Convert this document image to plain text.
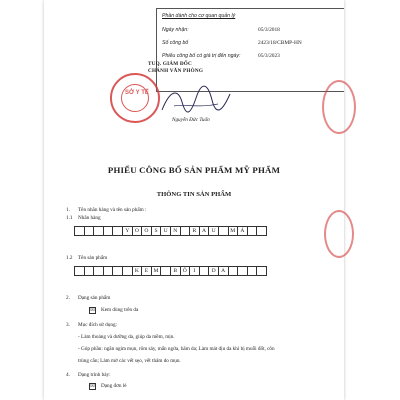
Phần dành cho cơ quan quản lý
Ngày nhận:	05/3/2018
Số công bố	2423/18/CBMP-HN
Phiếu công bố có giá trị đến ngày:	05/3/2023
TUQ. GIÁM ĐỐC
CHÁNH VĂN PHÒNG
SỞ Y TẾ
Nguyễn Đức Tuấn
PHIẾU CÔNG BỐ SẢN PHẨM MỸ PHẨM
THÔNG TIN SẢN PHẨM
1. Tên nhãn hàng và tên sản phẩm :
1.1 Nhãn hàng
Y O O	S	U N	R	A U	M Á
1.2 Tên sản phẩm
K	E M	B	Ô	I	D A
2. Dạng sản phẩm
☒ Kem dùng trên da
3. Mục đích sử dụng:
- Làm thoáng và dưỡng da, giúp da mềm, mịn.
- Góp phần: ngăn ngừa mụn, rôm sảy, mẩn ngứa, hăm da; Làm mát dịu da khi bị muỗi đốt, côn
trùng cắn; Làm mờ các vết sẹo, vết thâm do mụn.
4. Dạng trình bày:
☒ Dạng đơn lẻ
